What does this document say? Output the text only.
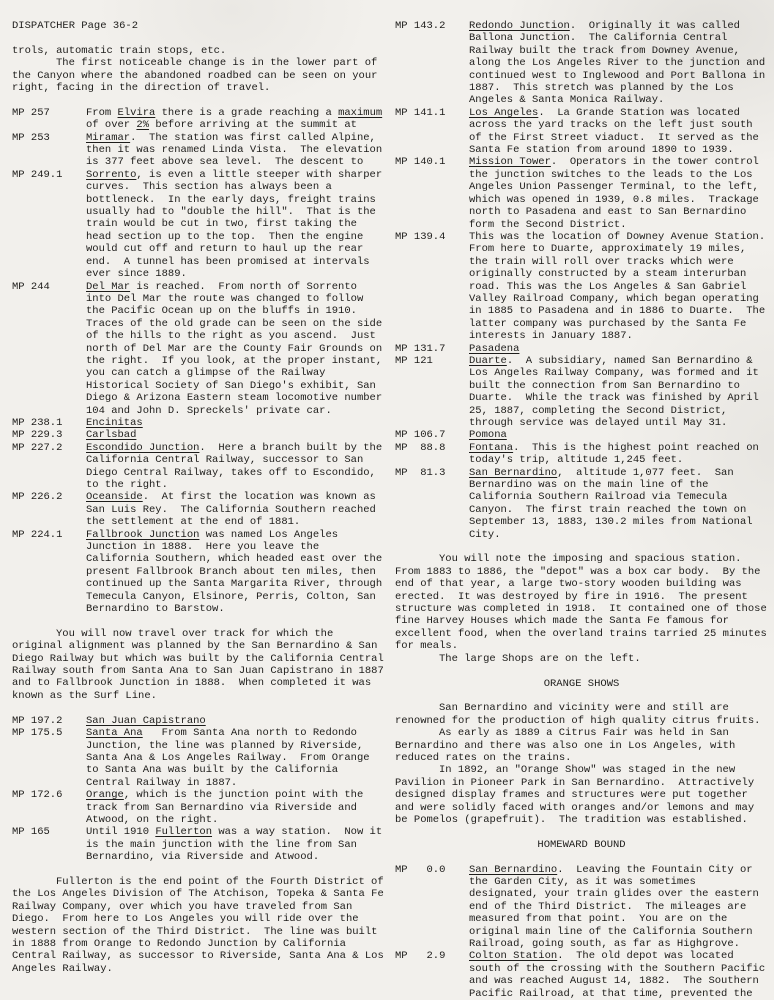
DISPATCHER Page 36-2

trols, automatic train stops, etc.

The first noticeable change is in the lower part of the Canyon where the abandoned roadbed can be seen on your right, facing in the direction of travel.

MP 257	From Elvira there is a grade reaching a maximum of over 2% before arriving at the summit at
MP 253	Miramar.  The station was first called Alpine, then it was renamed Linda Vista.  The elevation is 377 feet above sea level.  The descent to
MP 249.1	Sorrento, is even a little steeper with sharper curves.  This section has always been a bottleneck.  In the early days, freight trains usually had to "double the hill".  That is the train would be cut in two, first taking the head section up to the top.  Then the engine would cut off and return to haul up the rear end.  A tunnel has been promised at intervals ever since 1889.
MP 244	Del Mar is reached.  From north of Sorrento into Del Mar the route was changed to follow the Pacific Ocean up on the bluffs in 1910. Traces of the old grade can be seen on the side of the hills to the right as you ascend.  Just north of Del Mar are the County Fair Grounds on the right.  If you look, at the proper instant, you can catch a glimpse of the Railway Historical Society of San Diego's exhibit, San Diego & Arizona Eastern steam locomotive number 104 and John D. Spreckels' private car.
MP 238.1	Encinitas
MP 229.3	Carlsbad
MP 227.2	Escondido Junction.  Here a branch built by the California Central Railway, successor to San Diego Central Railway, takes off to Escondido, to the right.
MP 226.2	Oceanside.  At first the location was known as San Luis Rey.  The California Southern reached the settlement at the end of 1881.
MP 224.1	Fallbrook Junction was named Los Angeles Junction in 1888.  Here you leave the California Southern, which headed east over the present Fallbrook Branch about ten miles, then continued up the Santa Margarita River, through Temecula Canyon, Elsinore, Perris, Colton, San Bernardino to Barstow.

You will now travel over track for which the original alignment was planned by the San Bernardino & San Diego Railway but which was built by the California Central Railway south from Santa Ana to San Juan Capistrano in 1887 and to Fallbrook Junction in 1888.  When completed it was known as the Surf Line.

MP 197.2	San Juan Capistrano
MP 175.5	Santa Ana   From Santa Ana north to Redondo Junction, the line was planned by Riverside, Santa Ana & Los Angeles Railway.  From Orange to Santa Ana was built by the California Central Railway in 1887.
MP 172.6	Orange, which is the junction point with the track from San Bernardino via Riverside and Atwood, on the right.
MP 165	Until 1910 Fullerton was a way station.  Now it is the main junction with the line from San Bernardino, via Riverside and Atwood.

Fullerton is the end point of the Fourth District of the Los Angeles Division of The Atchison, Topeka & Santa Fe Railway Company, over which you have traveled from San Diego.  From here to Los Angeles you will ride over the western section of the Third District.  The line was built in 1888 from Orange to Redondo Junction by California Central Railway, as successor to Riverside, Santa Ana & Los Angeles Railway.

MP 143.2	Redondo Junction.  Originally it was called Ballona Junction.  The California Central Railway built the track from Downey Avenue, along the Los Angeles River to the junction and continued west to Inglewood and Port Ballona in 1887.  This stretch was planned by the Los Angeles & Santa Monica Railway.
MP 141.1	Los Angeles.  La Grande Station was located across the yard tracks on the left just south of the First Street viaduct.  It served as the Santa Fe station from around 1890 to 1939.
MP 140.1	Mission Tower.  Operators in the tower control the junction switches to the leads to the Los Angeles Union Passenger Terminal, to the left, which was opened in 1939, 0.8 miles.  Trackage north to Pasadena and east to San Bernardino form the Second District.
MP 139.4	This was the location of Downey Avenue Station. From here to Duarte, approximately 19 miles, the train will roll over tracks which were originally constructed by a steam interurban road. This was the Los Angeles & San Gabriel Valley Railroad Company, which began operating in 1885 to Pasadena and in 1886 to Duarte.  The latter company was purchased by the Santa Fe interests in January 1887.
MP 131.7	Pasadena
MP 121	Duarte.  A subsidiary, named San Bernardino & Los Angeles Railway Company, was formed and it built the connection from San Bernardino to Duarte.  While the track was finished by April 25, 1887, completing the Second District, through service was delayed until May 31.
MP 106.7	Pomona
MP  88.8	Fontana.  This is the highest point reached on today's trip, altitude 1,245 feet.
MP  81.3	San Bernardino,  altitude 1,077 feet.  San Bernardino was on the main line of the California Southern Railroad via Temecula Canyon.  The first train reached the town on September 13, 1883, 130.2 miles from National City.

You will note the imposing and spacious station. From 1883 to 1886, the "depot" was a box car body.  By the end of that year, a large two-story wooden building was erected.  It was destroyed by fire in 1916.  The present structure was completed in 1918.  It contained one of those fine Harvey Houses which made the Santa Fe famous for excellent food, when the overland trains tarried 25 minutes for meals.

The large Shops are on the left.

ORANGE SHOWS

San Bernardino and vicinity were and still are renowned for the production of high quality citrus fruits.

As early as 1889 a Citrus Fair was held in San Bernardino and there was also one in Los Angeles, with reduced rates on the trains.

In 1892, an "Orange Show" was staged in the new Pavilion in Pioneer Park in San Bernardino.  Attractively designed display frames and structures were put together and were solidly faced with oranges and/or lemons and may be Pomelos (grapefruit).  The tradition was established.

HOMEWARD BOUND
MP   0.0	San Bernardino.  Leaving the Fountain City or the Garden City, as it was sometimes designated, your train glides over the eastern end of the Third District.  The mileages are measured from that point.  You are on the original main line of the California Southern Railroad, going south, as far as Highgrove.
MP   2.9	Colton Station.  The old depot was located south of the crossing with the Southern Pacific and was reached August 14, 1882.  The Southern Pacific Railroad, at that time, prevented the
